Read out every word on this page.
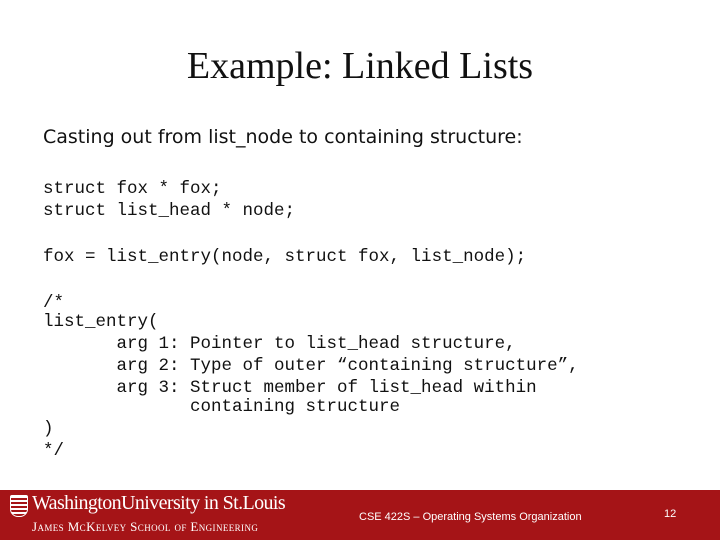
Example: Linked Lists
Casting out from list_node to containing structure:
struct fox * fox;
struct list_head * node;
fox = list_entry(node, struct fox, list_node);
/*
list_entry(
arg 1: Pointer to list_head structure,
arg 2: Type of outer “containing structure”,
arg 3: Struct member of list_head within
containing structure
)
*/
WashingtonUniversity in St.Louis
James McKelvey School of Engineering
CSE 422S – Operating Systems Organization	12
